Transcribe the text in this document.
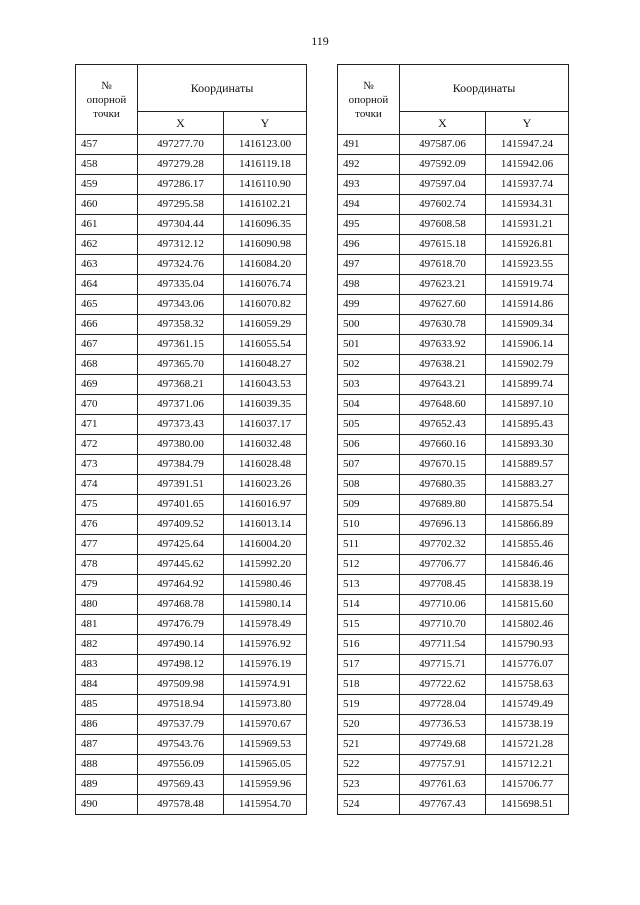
119
№
опорной
точки	Координаты	
	X	Y
457	497277.70	1416123.00
458	497279.28	1416119.18
459	497286.17	1416110.90
460	497295.58	1416102.21
461	497304.44	1416096.35
462	497312.12	1416090.98
463	497324.76	1416084.20
464	497335.04	1416076.74
465	497343.06	1416070.82
466	497358.32	1416059.29
467	497361.15	1416055.54
468	497365.70	1416048.27
469	497368.21	1416043.53
470	497371.06	1416039.35
471	497373.43	1416037.17
472	497380.00	1416032.48
473	497384.79	1416028.48
474	497391.51	1416023.26
475	497401.65	1416016.97
476	497409.52	1416013.14
477	497425.64	1416004.20
478	497445.62	1415992.20
479	497464.92	1415980.46
480	497468.78	1415980.14
481	497476.79	1415978.49
482	497490.14	1415976.92
483	497498.12	1415976.19
484	497509.98	1415974.91
485	497518.94	1415973.80
486	497537.79	1415970.67
487	497543.76	1415969.53
488	497556.09	1415965.05
489	497569.43	1415959.96
490	497578.48	1415954.70
№
опорной
точки	Координаты	
	X	Y
491	497587.06	1415947.24
492	497592.09	1415942.06
493	497597.04	1415937.74
494	497602.74	1415934.31
495	497608.58	1415931.21
496	497615.18	1415926.81
497	497618.70	1415923.55
498	497623.21	1415919.74
499	497627.60	1415914.86
500	497630.78	1415909.34
501	497633.92	1415906.14
502	497638.21	1415902.79
503	497643.21	1415899.74
504	497648.60	1415897.10
505	497652.43	1415895.43
506	497660.16	1415893.30
507	497670.15	1415889.57
508	497680.35	1415883.27
509	497689.80	1415875.54
510	497696.13	1415866.89
511	497702.32	1415855.46
512	497706.77	1415846.46
513	497708.45	1415838.19
514	497710.06	1415815.60
515	497710.70	1415802.46
516	497711.54	1415790.93
517	497715.71	1415776.07
518	497722.62	1415758.63
519	497728.04	1415749.49
520	497736.53	1415738.19
521	497749.68	1415721.28
522	497757.91	1415712.21
523	497761.63	1415706.77
524	497767.43	1415698.51
